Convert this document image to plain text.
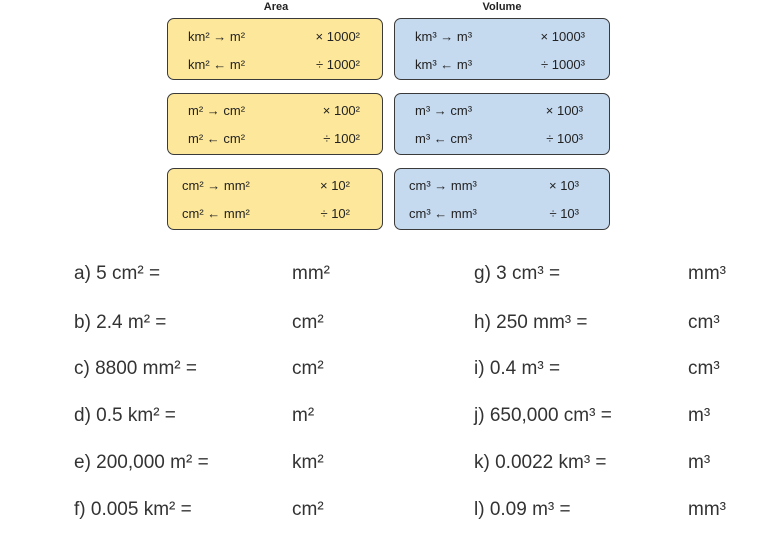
Area	Volume
km² → m²	× 1000²
km² ← m²	÷ 1000²
m² → cm²	× 100²
m² ← cm²	÷ 100²
cm² → mm²	× 10²
cm² ← mm²	÷ 10²
km³ → m³	× 1000³
km³ ← m³	÷ 1000³
m³ → cm³	× 100³
m³ ← cm³	÷ 100³
cm³ → mm³	× 10³
cm³ ← mm³	÷ 10³
a) 5 cm² =	mm²
b) 2.4 m² =	cm²
c) 8800 mm² =	cm²
d) 0.5 km² =	m²
e) 200,000 m² =	km²
f) 0.005 km² =	cm²
g) 3 cm³ =	mm³
h) 250 mm³ =	cm³
i) 0.4 m³ =	cm³
j) 650,000 cm³ =	m³
k) 0.0022 km³ =	m³
l) 0.09 m³ =	mm³
